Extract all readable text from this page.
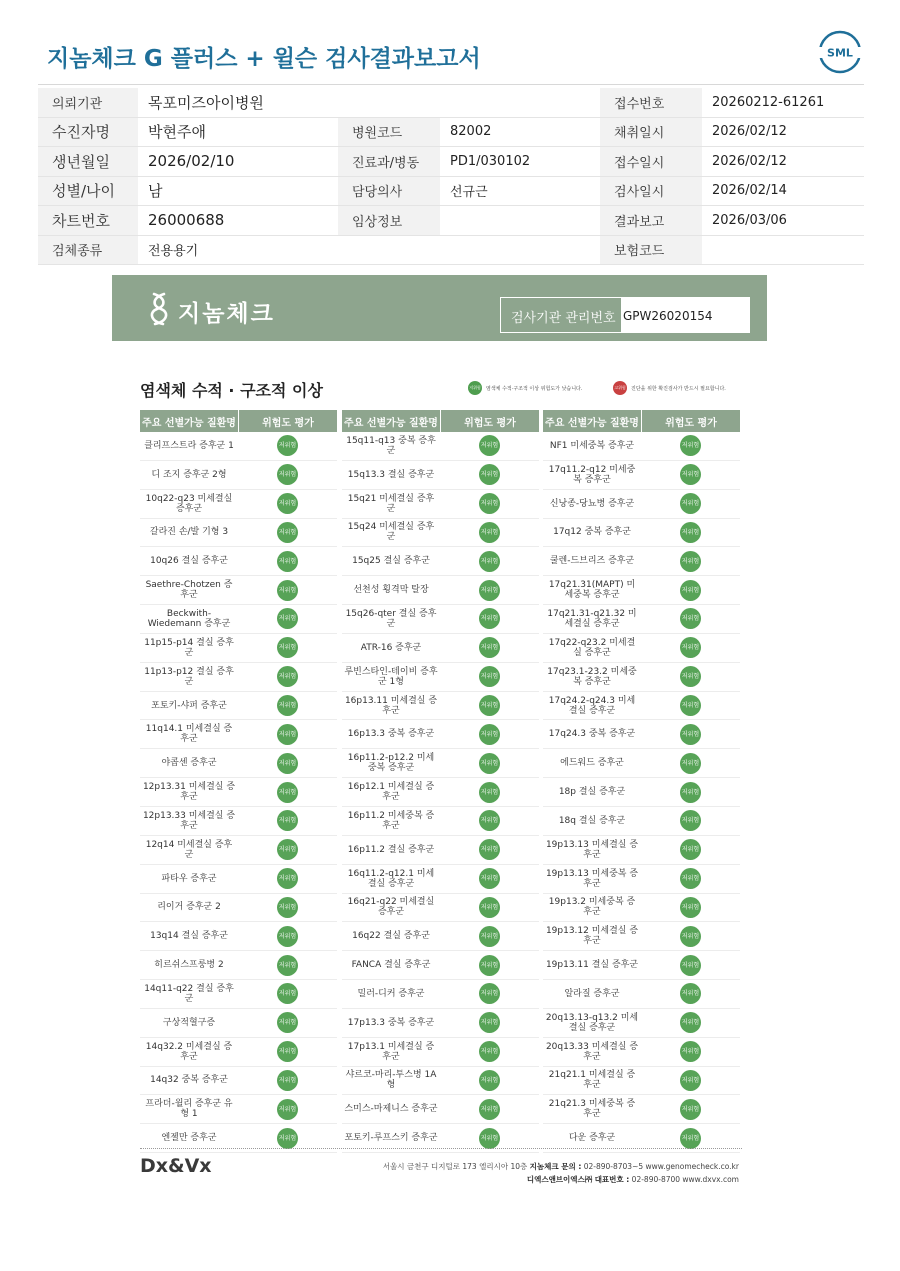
지놈체크 G 플러스 + 윌슨 검사결과보고서	SML
의뢰기관	목포미즈아이병원			접수번호	20260212-61261
수진자명	박현주애	병원코드	82002	채취일시	2026/02/12
생년월일	2026/02/10	진료과/병동	PD1/030102	접수일시	2026/02/12
성별/나이	남	담당의사	선규근	검사일시	2026/02/14
차트번호	26000688	임상정보		결과보고	2026/03/06
검체종류	전용용기			보험코드	
지놈체크	검사기관 관리번호 GPW26020154
염색체 수적 · 구조적 이상	저위험 염색체 수적·구조적 이상 위험도가 낮습니다.	고위험 진단을 위한 확진검사가 반드시 필요합니다.
주요 선별가능 질환명	위험도 평가
클리프스트라 증후군 1	저위험
디 조지 증후군 2형	저위험
10q22-q23 미세결실 증후군	저위험
갈라진 손/발 기형 3	저위험
10q26 결실 증후군	저위험
Saethre-Chotzen 증후군	저위험
Beckwith-Wiedemann 증후군	저위험
11p15-p14 결실 증후군	저위험
11p13-p12 결실 증후군	저위험
포토키-샤퍼 증후군	저위험
11q14.1 미세결실 증후군	저위험
야콥센 증후군	저위험
12p13.31 미세결실 증후군	저위험
12p13.33 미세결실 증후군	저위험
12q14 미세결실 증후군	저위험
파타우 증후군	저위험
리이거 증후군 2	저위험
13q14 결실 증후군	저위험
히르쉬스프룽병 2	저위험
14q11-q22 결실 증후군	저위험
구상적혈구증	저위험
14q32.2 미세결실 증후군	저위험
14q32 중복 증후군	저위험
프라더-윌리 증후군 유형 1	저위험
엔젤만 증후군	저위험
주요 선별가능 질환명	위험도 평가
15q11-q13 중복 증후군	저위험
15q13.3 결실 증후군	저위험
15q21 미세결실 증후군	저위험
15q24 미세결실 증후군	저위험
15q25 결실 증후군	저위험
선천성 횡격막 탈장	저위험
15q26-qter 결실 증후군	저위험
ATR-16 증후군	저위험
루빈스타인-테이비 증후군 1형	저위험
16p13.11 미세결실 증후군	저위험
16p13.3 중복 증후군	저위험
16p11.2-p12.2 미세중복 증후군	저위험
16p12.1 미세결실 증후군	저위험
16p11.2 미세중복 증후군	저위험
16p11.2 결실 증후군	저위험
16q11.2-q12.1 미세결실 증후군	저위험
16q21-q22 미세결실 증후군	저위험
16q22 결실 증후군	저위험
FANCA 결실 증후군	저위험
밀러-디커 증후군	저위험
17p13.3 중복 증후군	저위험
17p13.1 미세결실 증후군	저위험
샤르코-마리-투스병 1A형	저위험
스미스-마제니스 증후군	저위험
포토키-루프스키 증후군	저위험
주요 선별가능 질환명	위험도 평가
NF1 미세중복 증후군	저위험
17q11.2-q12 미세중복 증후군	저위험
신낭종-당뇨병 증후군	저위험
17q12 중복 증후군	저위험
쿨렌-드브리즈 증후군	저위험
17q21.31(MAPT) 미세중복 증후군	저위험
17q21.31-q21.32 미세결실 증후군	저위험
17q22-q23.2 미세결실 증후군	저위험
17q23.1-23.2 미세중복 증후군	저위험
17q24.2-q24.3 미세결실 증후군	저위험
17q24.3 중복 증후군	저위험
에드워드 증후군	저위험
18p 결실 증후군	저위험
18q 결실 증후군	저위험
19p13.13 미세결실 증후군	저위험
19p13.13 미세중복 증후군	저위험
19p13.2 미세중복 증후군	저위험
19p13.12 미세결실 증후군	저위험
19p13.11 결실 증후군	저위험
알라질 증후군	저위험
20q13.13-q13.2 미세결실 증후군	저위험
20q13.33 미세결실 증후군	저위험
21q21.1 미세결실 증후군	저위험
21q21.3 미세중복 증후군	저위험
다운 증후군	저위험
Dx&Vx	서울시 금천구 디지털로 173 엘리시아 10층 지놈체크 문의 : 02-890-8703~5 www.genomecheck.co.kr
디엑스앤브이엑스㈜ 대표번호 : 02-890-8700 www.dxvx.com
